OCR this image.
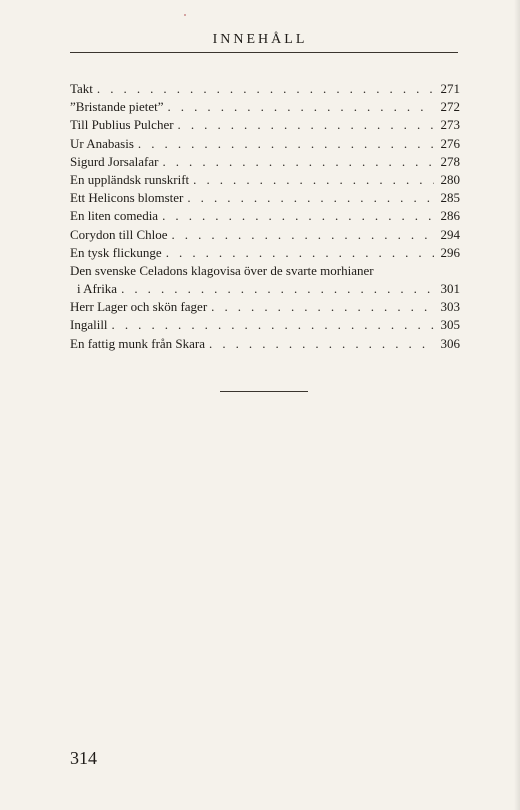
INNEHÅLL
Takt . . .	271
”Bristande pietet” . . .	272
Till Publius Pulcher . . .	273
Ur Anabasis . . .	276
Sigurd Jorsalafar . . .	278
En uppländsk runskrift . . .	280
Ett Helicons blomster . . .	285
En liten comedia . . .	286
Corydon till Chloe . . .	294
En tysk flickunge . . .	296
Den svenske Celadons klagovisa över de svarte morhianer
i Afrika . . .	301
Herr Lager och skön fager . . .	303
Ingalill . . .	305
En fattig munk från Skara . . .	306
314
